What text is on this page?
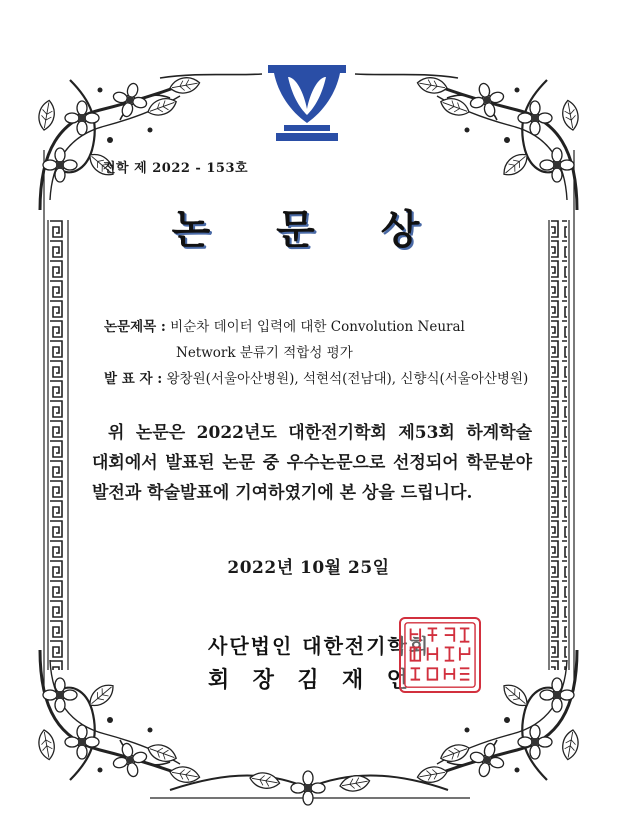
전학 제 2022 - 153호
논 문 상
논문제목 : 비순차 데이터 입력에 대한 Convolution Neural
Network 분류기 적합성 평가
발 표 자 : 왕창원(서울아산병원), 석현석(전남대), 신향식(서울아산병원)
위 논문은 2022년도 대한전기학회 제53회 하계학술
대회에서 발표된 논문 중 우수논문으로 선정되어 학문분야
발전과 학술발표에 기여하였기에 본 상을 드립니다.
2022년 10월 25일
사단법인 대한전기학회
회 장 김 재 언
